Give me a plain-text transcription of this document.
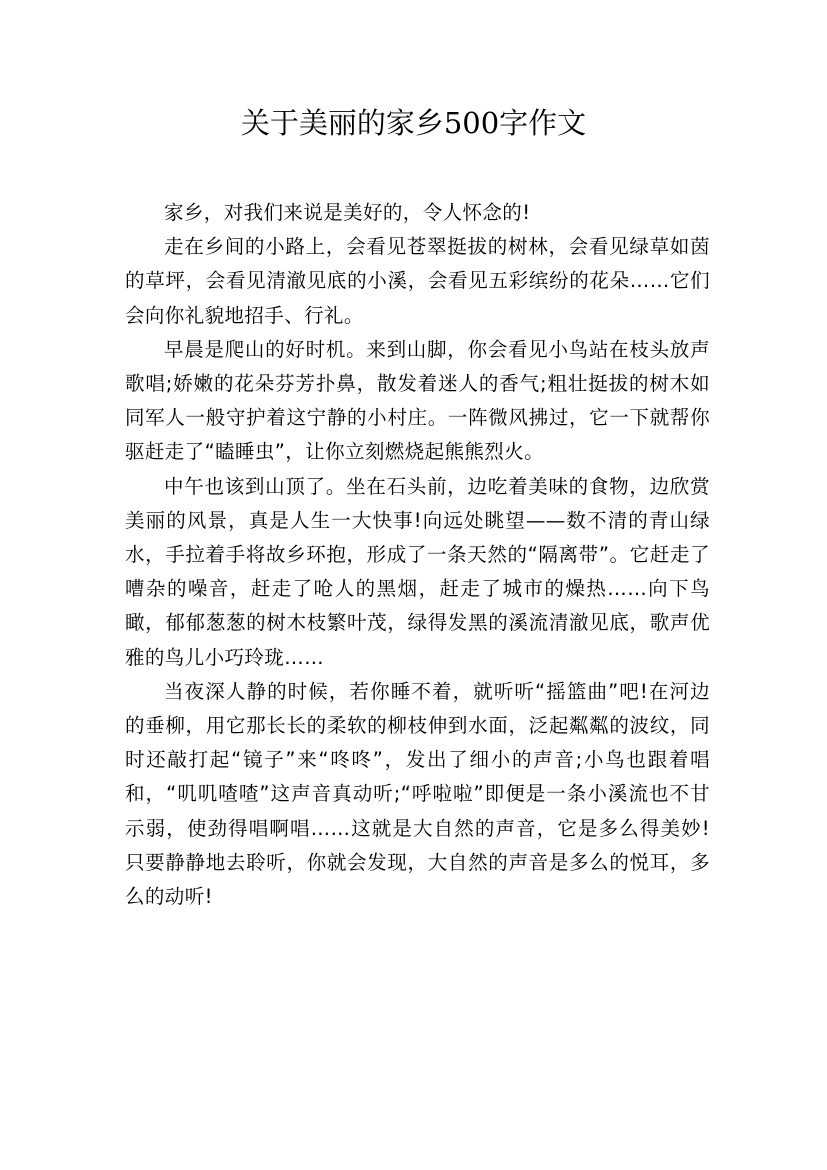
关于美丽的家乡500字作文

家乡，对我们来说是美好的，令人怀念的!

走在乡间的小路上，会看见苍翠挺拔的树林，会看见绿草如茵的草坪，会看见清澈见底的小溪，会看见五彩缤纷的花朵……它们会向你礼貌地招手、行礼。

早晨是爬山的好时机。来到山脚，你会看见小鸟站在枝头放声歌唱;娇嫩的花朵芬芳扑鼻，散发着迷人的香气;粗壮挺拔的树木如同军人一般守护着这宁静的小村庄。一阵微风拂过，它一下就帮你驱赶走了“瞌睡虫”，让你立刻燃烧起熊熊烈火。

中午也该到山顶了。坐在石头前，边吃着美味的食物，边欣赏美丽的风景，真是人生一大快事!向远处眺望——数不清的青山绿水，手拉着手将故乡环抱，形成了一条天然的“隔离带”。它赶走了嘈杂的噪音，赶走了呛人的黑烟，赶走了城市的燥热……向下鸟瞰，郁郁葱葱的树木枝繁叶茂，绿得发黑的溪流清澈见底，歌声优雅的鸟儿小巧玲珑……

当夜深人静的时候，若你睡不着，就听听“摇篮曲”吧!在河边的垂柳，用它那长长的柔软的柳枝伸到水面，泛起粼粼的波纹，同时还敲打起“镜子”来“咚咚”，发出了细小的声音;小鸟也跟着唱和，“叽叽喳喳”这声音真动听;“呼啦啦”即便是一条小溪流也不甘示弱，使劲得唱啊唱……这就是大自然的声音，它是多么得美妙!只要静静地去聆听，你就会发现，大自然的声音是多么的悦耳，多么的动听!
